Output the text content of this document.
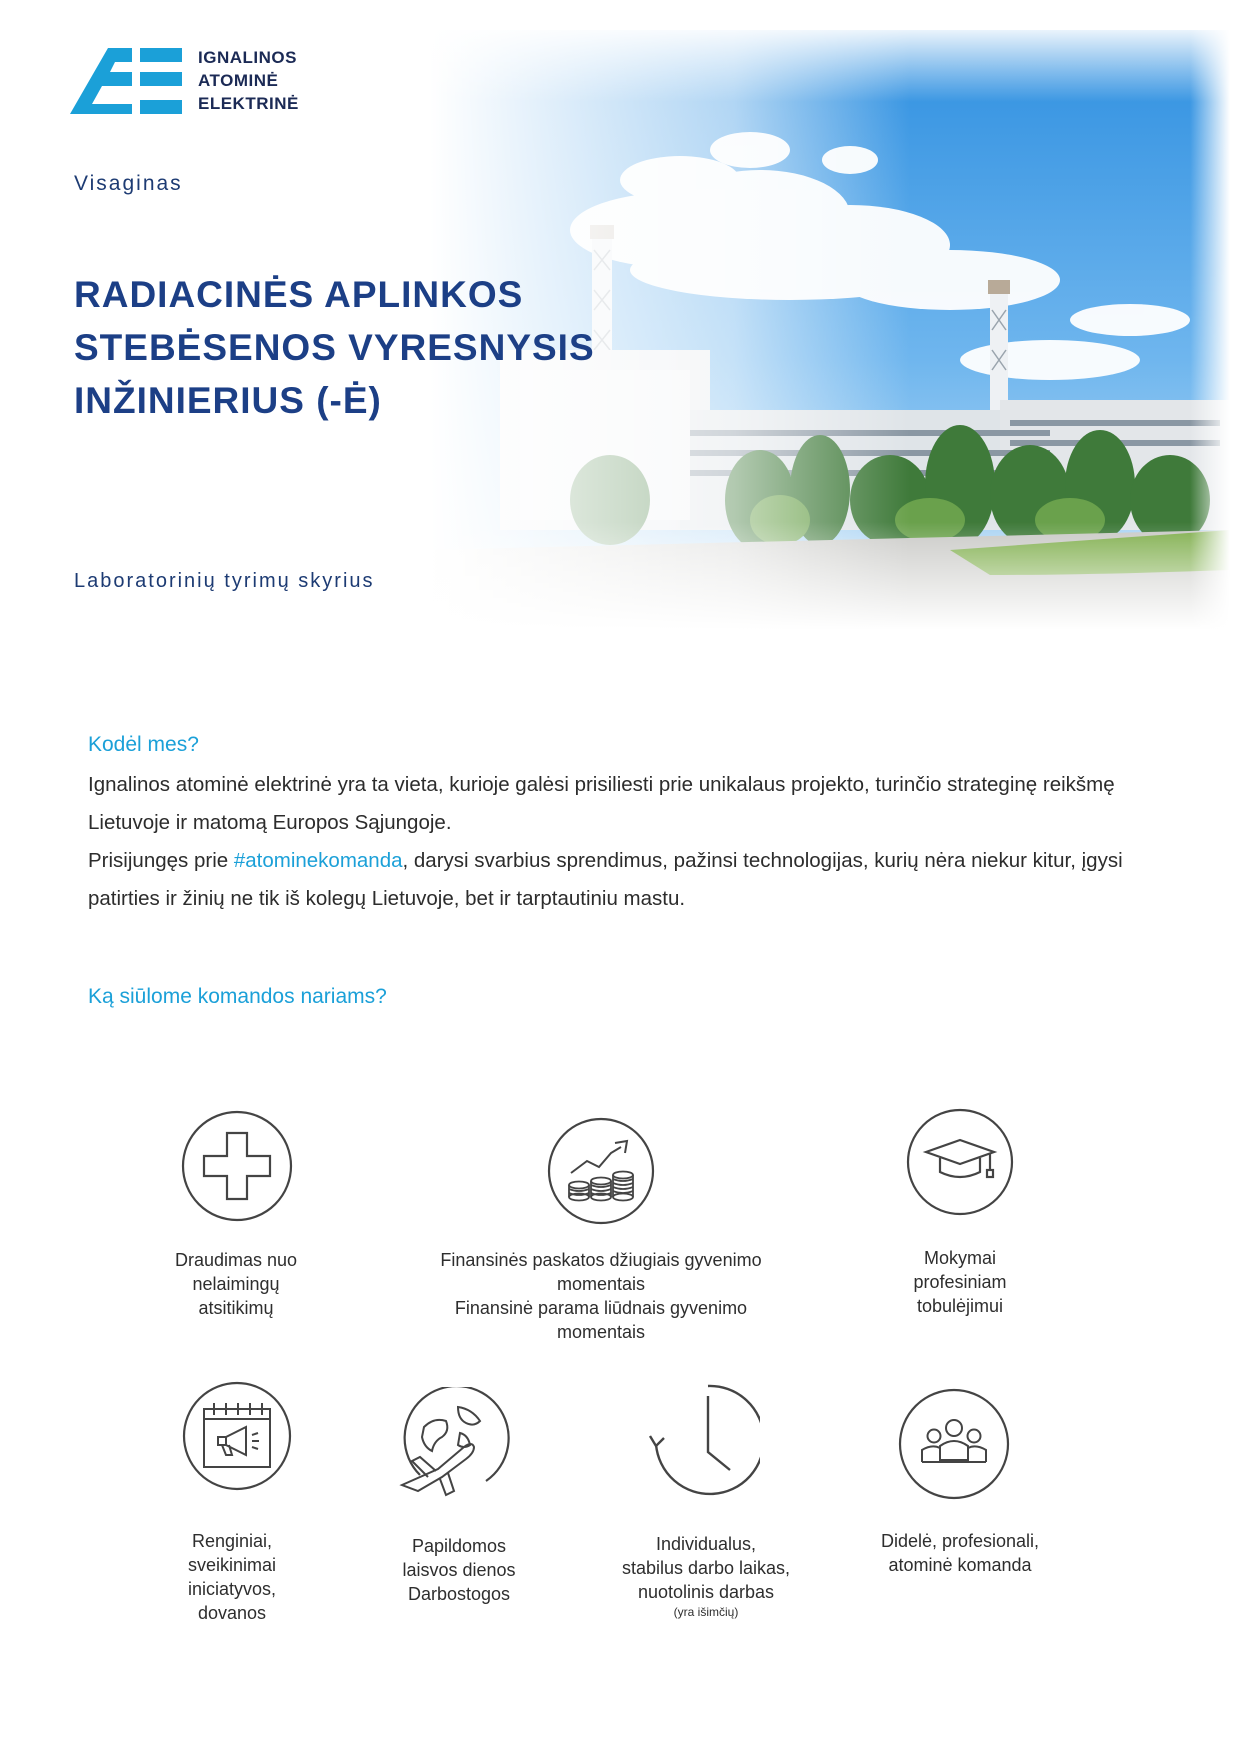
IGNALINOS
ATOMINĖ
ELEKTRINĖ
Visaginas
RADIACINĖS APLINKOS
STEBĖSENOS VYRESNYSIS
INŽINIERIUS (-Ė)
Laboratorinių tyrimų skyrius
Kodėl mes?
Ignalinos atominė elektrinė yra ta vieta, kurioje galėsi prisiliesti prie unikalaus projekto, turinčio strateginę reikšmę Lietuvoje ir matomą Europos Sąjungoje.
Prisijungęs prie #atominekomanda, darysi svarbius sprendimus, pažinsi technologijas, kurių nėra niekur kitur, įgysi patirties ir žinių ne tik iš kolegų Lietuvoje, bet ir tarptautiniu mastu.
Ką siūlome komandos nariams?
Draudimas nuo
nelaimingų
atsitikimų
Finansinės paskatos džiugiais gyvenimo
momentais
Finansinė parama liūdnais gyvenimo
momentais
Mokymai
profesiniam
tobulėjimui
Renginiai,
sveikinimai
iniciatyvos,
dovanos
Papildomos
laisvos dienos
Darbostogos
Individualus,
stabilus darbo laikas,
nuotolinis darbas
(yra išimčių)
Didelė, profesionali,
atominė komanda
